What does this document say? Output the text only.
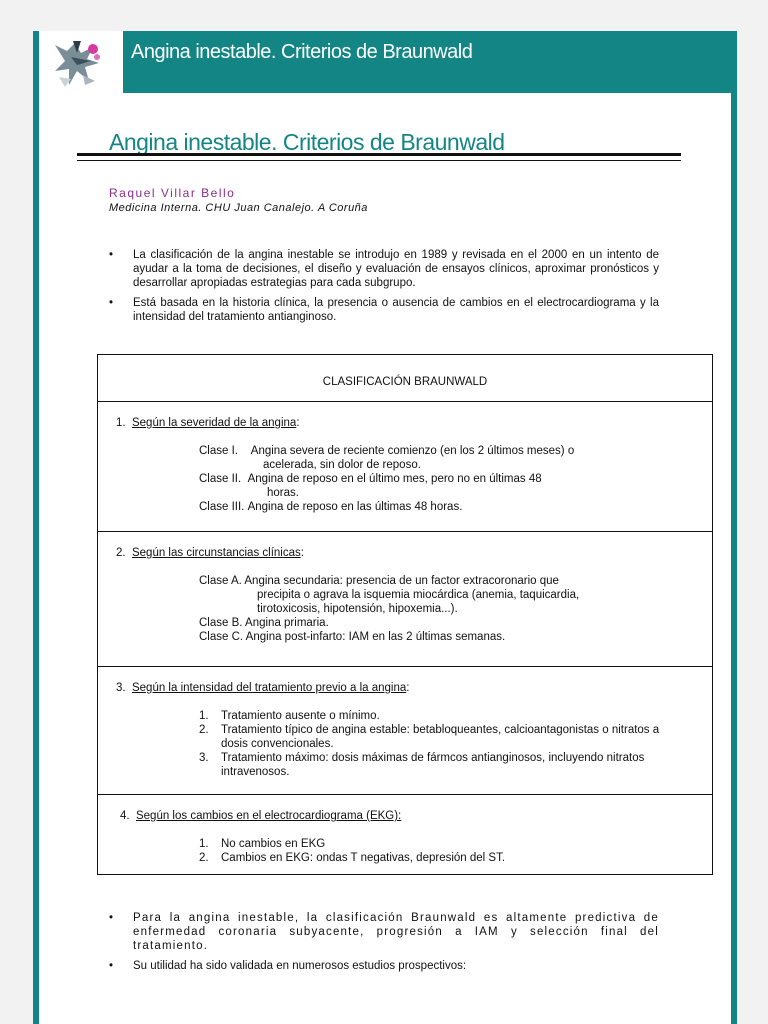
Angina inestable. Criterios de Braunwald
Angina inestable. Criterios de Braunwald
Raquel Villar Bello
Medicina Interna. CHU Juan Canalejo. A Coruña
• La clasificación de la angina inestable se introdujo en 1989 y revisada en el 2000 en un intento de ayudar a la toma de decisiones, el diseño y evaluación de ensayos clínicos, aproximar pronósticos y desarrollar apropiadas estrategias para cada subgrupo.
• Está basada en la historia clínica, la presencia o ausencia de cambios en el electrocardiograma y la intensidad del tratamiento antianginoso.
CLASIFICACIÓN BRAUNWALD
1. Según la severidad de la angina:
Clase I. Angina severa de reciente comienzo (en los 2 últimos meses) o
acelerada, sin dolor de reposo.
Clase II. Angina de reposo en el último mes, pero no en últimas 48
horas.
Clase III. Angina de reposo en las últimas 48 horas.
2. Según las circunstancias clínicas:
Clase A. Angina secundaria: presencia de un factor extracoronario que
precipita o agrava la isquemia miocárdica (anemia, taquicardia,
tirotoxicosis, hipotensión, hipoxemia...).
Clase B. Angina primaria.
Clase C. Angina post-infarto: IAM en las 2 últimas semanas.
3. Según la intensidad del tratamiento previo a la angina:
1. Tratamiento ausente o mínimo.
2. Tratamiento típico de angina estable: betabloqueantes, calcioantagonistas o nitratos a dosis convencionales.
3. Tratamiento máximo: dosis máximas de fármcos antianginosos, incluyendo nitratos intravenosos.
4. Según los cambios en el electrocardiograma (EKG):
1. No cambios en EKG
2. Cambios en EKG: ondas T negativas, depresión del ST.
• Para la angina inestable, la clasificación Braunwald es altamente predictiva de enfermedad coronaria subyacente, progresión a IAM y selección final del tratamiento.
• Su utilidad ha sido validada en numerosos estudios prospectivos:
